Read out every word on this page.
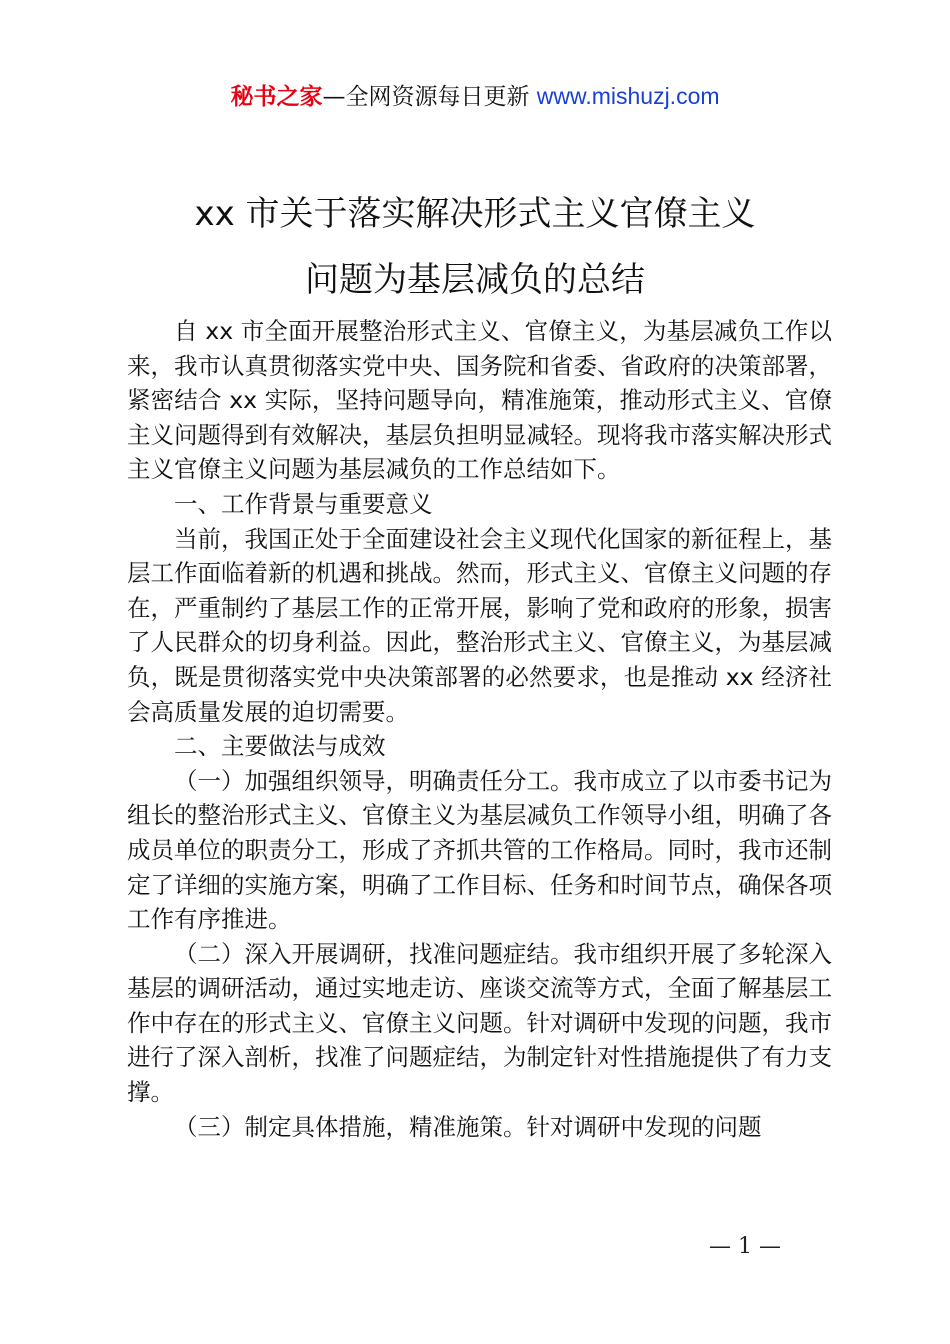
秘书之家—全网资源每日更新 www.mishuzj.com
xx 市关于落实解决形式主义官僚主义
问题为基层减负的总结

自 xx 市全面开展整治形式主义、官僚主义，为基层减负工作以来，我市认真贯彻落实党中央、国务院和省委、省政府的决策部署，紧密结合 xx 实际，坚持问题导向，精准施策，推动形式主义、官僚主义问题得到有效解决，基层负担明显减轻。现将我市落实解决形式主义官僚主义问题为基层减负的工作总结如下。

一、工作背景与重要意义

当前，我国正处于全面建设社会主义现代化国家的新征程上，基层工作面临着新的机遇和挑战。然而，形式主义、官僚主义问题的存在，严重制约了基层工作的正常开展，影响了党和政府的形象，损害了人民群众的切身利益。因此，整治形式主义、官僚主义，为基层减负，既是贯彻落实党中央决策部署的必然要求，也是推动 xx 经济社会高质量发展的迫切需要。

二、主要做法与成效

（一）加强组织领导，明确责任分工。我市成立了以市委书记为组长的整治形式主义、官僚主义为基层减负工作领导小组，明确了各成员单位的职责分工，形成了齐抓共管的工作格局。同时，我市还制定了详细的实施方案，明确了工作目标、任务和时间节点，确保各项工作有序推进。

（二）深入开展调研，找准问题症结。我市组织开展了多轮深入基层的调研活动，通过实地走访、座谈交流等方式，全面了解基层工作中存在的形式主义、官僚主义问题。针对调研中发现的问题，我市进行了深入剖析，找准了问题症结，为制定针对性措施提供了有力支撑。

（三）制定具体措施，精准施策。针对调研中发现的问题

— 1 —
